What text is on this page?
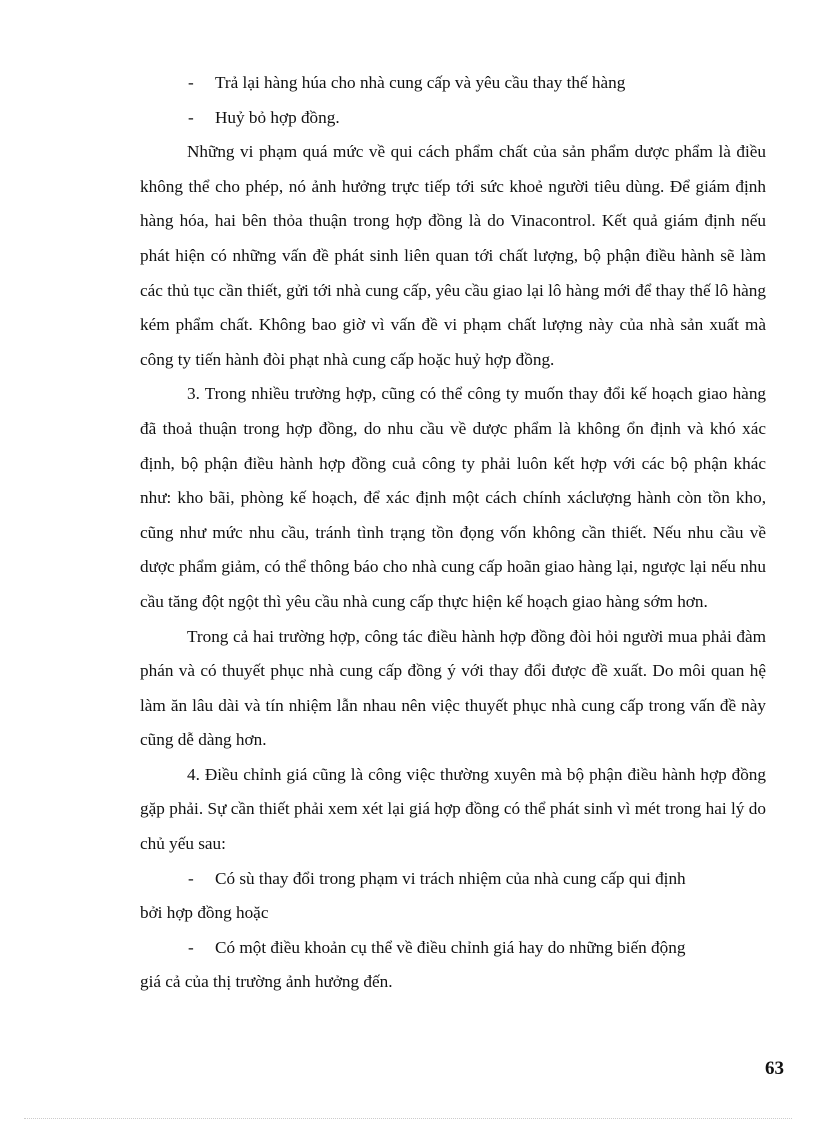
- Trả lại hàng húa cho nhà cung cấp và yêu cầu thay thế hàng

- Huỷ bỏ hợp đồng.

Những vi phạm quá mức về qui cách phẩm chất của sản phẩm dược phẩm là điều không thể cho phép, nó ảnh hưởng trực tiếp tới sức khoẻ người tiêu dùng. Để giám định hàng hóa, hai bên thỏa thuận trong hợp đồng là do Vinacontrol. Kết quả giám định nếu phát hiện có những vấn đề phát sinh liên quan tới chất lượng, bộ phận điều hành sẽ làm các thủ tục cần thiết, gửi tới nhà cung cấp, yêu cầu giao lại lô hàng mới để thay thế lô hàng kém phẩm chất. Không bao giờ vì vấn đề vi phạm chất lượng này của nhà sản xuất mà công ty tiến hành đòi phạt nhà cung cấp hoặc huỷ hợp đồng.

3. Trong nhiều trường hợp, cũng có thể công ty muốn thay đổi kế hoạch giao hàng đã thoả thuận trong hợp đồng, do nhu cầu về dược phẩm là không ổn định và khó xác định, bộ phận điều hành hợp đồng cuả công ty phải luôn kết hợp với các bộ phận khác như: kho bãi, phòng kế hoạch, để xác định một cách chính xáclượng hành còn tồn kho, cũng như mức nhu cầu, tránh tình trạng tồn đọng vốn không cần thiết. Nếu nhu cầu về dược phẩm giảm, có thể thông báo cho nhà cung cấp hoãn giao hàng lại, ngược lại nếu nhu cầu tăng đột ngột thì yêu cầu nhà cung cấp thực hiện kế hoạch giao hàng sớm hơn.

Trong cả hai trường hợp, công tác điều hành hợp đồng đòi hỏi người mua phải đàm phán và có thuyết phục nhà cung cấp đồng ý với thay đổi được đề xuất. Do môi quan hệ làm ăn lâu dài và tín nhiệm lẫn nhau nên việc thuyết phục nhà cung cấp trong vấn đề này cũng dễ dàng hơn.

4. Điều chỉnh giá cũng là công việc thường xuyên mà bộ phận điều hành hợp đồng gặp phải. Sự cần thiết phải xem xét lại giá hợp đồng có thể phát sinh vì mét trong hai lý do chủ yếu sau:

- Có sù thay đổi trong phạm vi trách nhiệm của nhà cung cấp qui định

bởi hợp đồng hoặc

- Có một điều khoản cụ thể về điều chỉnh giá hay do những biến động

giá cả của thị trường ảnh hưởng đến.

63
